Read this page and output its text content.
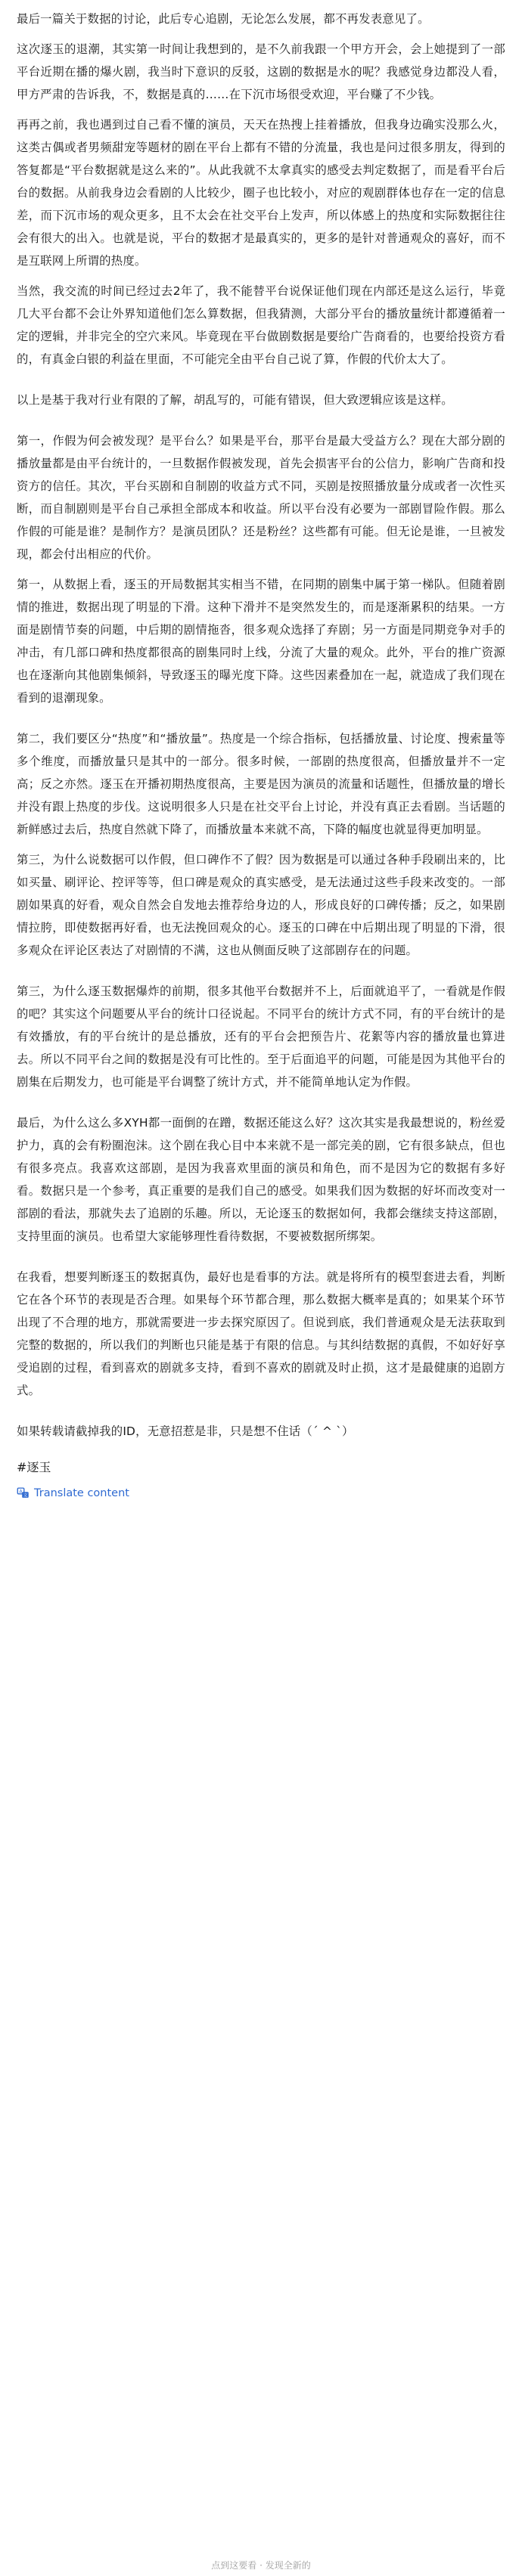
最后一篇关于数据的讨论，此后专心追剧，无论怎么发展，都不再发表意见了。

这次逐玉的退潮，其实第一时间让我想到的，是不久前我跟一个甲方开会，会上她提到了一部平台近期在播的爆火剧，我当时下意识的反驳，这剧的数据是水的呢？我感觉身边都没人看，甲方严肃的告诉我，不，数据是真的……在下沉市场很受欢迎，平台赚了不少钱。

再再之前，我也遇到过自己看不懂的演员，天天在热搜上挂着播放，但我身边确实没那么火，这类古偶或者男频甜宠等题材的剧在平台上都有不错的分流量，我也是问过很多朋友，得到的答复都是“平台数据就是这么来的”。从此我就不太拿真实的感受去判定数据了，而是看平台后台的数据。从前我身边会看剧的人比较少，圈子也比较小，对应的观剧群体也存在一定的信息差，而下沉市场的观众更多，且不太会在社交平台上发声，所以体感上的热度和实际数据往往会有很大的出入。也就是说，平台的数据才是最真实的，更多的是针对普通观众的喜好，而不是互联网上所谓的热度。

当然，我交流的时间已经过去2年了，我不能替平台说保证他们现在内部还是这么运行，毕竟几大平台都不会让外界知道他们怎么算数据，但我猜测，大部分平台的播放量统计都遵循着一定的逻辑，并非完全的空穴来风。毕竟现在平台做剧数据是要给广告商看的，也要给投资方看的，有真金白银的利益在里面，不可能完全由平台自己说了算，作假的代价太大了。

以上是基于我对行业有限的了解，胡乱写的，可能有错误，但大致逻辑应该是这样。

第一，作假为何会被发现？是平台么？如果是平台，那平台是最大受益方么？现在大部分剧的播放量都是由平台统计的，一旦数据作假被发现，首先会损害平台的公信力，影响广告商和投资方的信任。其次，平台买剧和自制剧的收益方式不同，买剧是按照播放量分成或者一次性买断，而自制剧则是平台自己承担全部成本和收益。所以平台没有必要为一部剧冒险作假。那么作假的可能是谁？是制作方？是演员团队？还是粉丝？这些都有可能。但无论是谁，一旦被发现，都会付出相应的代价。

第一，从数据上看，逐玉的开局数据其实相当不错，在同期的剧集中属于第一梯队。但随着剧情的推进，数据出现了明显的下滑。这种下滑并不是突然发生的，而是逐渐累积的结果。一方面是剧情节奏的问题，中后期的剧情拖沓，很多观众选择了弃剧；另一方面是同期竞争对手的冲击，有几部口碑和热度都很高的剧集同时上线，分流了大量的观众。此外，平台的推广资源也在逐渐向其他剧集倾斜，导致逐玉的曝光度下降。这些因素叠加在一起，就造成了我们现在看到的退潮现象。

第二，我们要区分“热度”和“播放量”。热度是一个综合指标，包括播放量、讨论度、搜索量等多个维度，而播放量只是其中的一部分。很多时候，一部剧的热度很高，但播放量并不一定高；反之亦然。逐玉在开播初期热度很高，主要是因为演员的流量和话题性，但播放量的增长并没有跟上热度的步伐。这说明很多人只是在社交平台上讨论，并没有真正去看剧。当话题的新鲜感过去后，热度自然就下降了，而播放量本来就不高，下降的幅度也就显得更加明显。

第三，为什么说数据可以作假，但口碑作不了假？因为数据是可以通过各种手段刷出来的，比如买量、刷评论、控评等等，但口碑是观众的真实感受，是无法通过这些手段来改变的。一部剧如果真的好看，观众自然会自发地去推荐给身边的人，形成良好的口碑传播；反之，如果剧情拉胯，即使数据再好看，也无法挽回观众的心。逐玉的口碑在中后期出现了明显的下滑，很多观众在评论区表达了对剧情的不满，这也从侧面反映了这部剧存在的问题。

第三，为什么逐玉数据爆炸的前期，很多其他平台数据并不上，后面就追平了，一看就是作假的吧？其实这个问题要从平台的统计口径说起。不同平台的统计方式不同，有的平台统计的是有效播放，有的平台统计的是总播放，还有的平台会把预告片、花絮等内容的播放量也算进去。所以不同平台之间的数据是没有可比性的。至于后面追平的问题，可能是因为其他平台的剧集在后期发力，也可能是平台调整了统计方式，并不能简单地认定为作假。

最后，为什么这么多XYH都一面倒的在蹭，数据还能这么好？这次其实是我最想说的，粉丝爱护力，真的会有粉圈泡沫。这个剧在我心目中本来就不是一部完美的剧，它有很多缺点，但也有很多亮点。我喜欢这部剧，是因为我喜欢里面的演员和角色，而不是因为它的数据有多好看。数据只是一个参考，真正重要的是我们自己的感受。如果我们因为数据的好坏而改变对一部剧的看法，那就失去了追剧的乐趣。所以，无论逐玉的数据如何，我都会继续支持这部剧，支持里面的演员。也希望大家能够理性看待数据，不要被数据所绑架。

在我看，想要判断逐玉的数据真伪，最好也是看事的方法。就是将所有的模型套进去看，判断它在各个环节的表现是否合理。如果每个环节都合理，那么数据大概率是真的；如果某个环节出现了不合理的地方，那就需要进一步去探究原因了。但说到底，我们普通观众是无法获取到完整的数据的，所以我们的判断也只能是基于有限的信息。与其纠结数据的真假，不如好好享受追剧的过程，看到喜欢的剧就多支持，看到不喜欢的剧就及时止损，这才是最健康的追剧方式。

如果转载请截掉我的ID，无意招惹是非，只是想不住话（´ ^ `）

#逐玉
A
文 Translate content
点到这要看 · 发现全新的
